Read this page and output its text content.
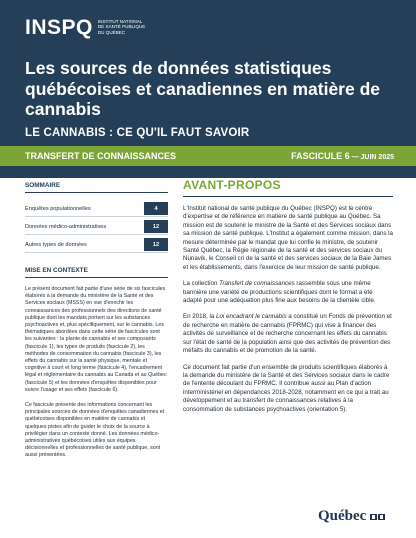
INSPQ INSTITUT NATIONAL
DE SANTÉ PUBLIQUE
DU QUÉBEC
Les sources de données statistiques québécoises et canadiennes en matière de cannabis
LE CANNABIS : CE QU'IL FAUT SAVOIR
TRANSFERT DE CONNAISSANCES	FASCICULE 6 — JUIN 2025
SOMMAIRE
Enquêtes populationnelles	4
Données médico-administratives	12
Autres types de données	12
MISE EN CONTEXTE

Le présent document fait partie d'une série de six fascicules élaborés à la demande du ministère de la Santé et des Services sociaux (MSSS) en vue d'enrichir les connaissances des professionnels des directions de santé publique dont les mandats portent sur les substances psychoactives et, plus spécifiquement, sur le cannabis. Les thématiques abordées dans cette série de fascicules sont les suivantes : la plante de cannabis et ses composants (fascicule 1), les types de produits (fascicule 2), les méthodes de consommation du cannabis (fascicule 3), les effets du cannabis sur la santé physique, mentale et cognitive à court et long terme (fascicule 4), l'encadrement légal et réglementaire du cannabis au Canada et au Québec (fascicule 5) et les données d'enquêtes disponibles pour suivre l'usage et ses effets (fascicule 6).

Ce fascicule présente des informations concernant les principales sources de données d'enquêtes canadiennes et québécoises disponibles en matière de cannabis et quelques pistes afin de guider le choix de la source à privilégier dans un contexte donné. Les données médico-administratives québécoises utiles aux équipes décisionnelles et professionnelles de santé publique, sont aussi présentées.

AVANT-PROPOS

L'Institut national de santé publique du Québec (INSPQ) est le centre d'expertise et de référence en matière de santé publique au Québec. Sa mission est de soutenir le ministre de la Santé et des Services sociaux dans sa mission de santé publique. L'Institut a également comme mission, dans la mesure déterminée par le mandat que lui confie le ministre, de soutenir Santé Québec, la Régie régionale de la santé et des services sociaux du Nunavik, le Conseil cri de la santé et des services sociaux de la Baie James et les établissements, dans l'exercice de leur mission de santé publique.

La collection Transfert de connaissances rassemble sous une même bannière une variété de productions scientifiques dont le format a été adapté pour une adéquation plus fine aux besoins de la clientèle cible.

En 2018, la Loi encadrant le cannabis a constitué un Fonds de prévention et de recherche en matière de cannabis (FPRMC) qui vise à financer des activités de surveillance et de recherche concernant les effets du cannabis sur l'état de santé de la population ainsi que des activités de prévention des méfaits du cannabis et de promotion de la santé.

Ce document fait partie d'un ensemble de produits scientifiques élaborés à la demande du ministère de la Santé et des Services sociaux dans le cadre de l'entente découlant du FPRMC. Il contribue aussi au Plan d'action interministériel en dépendances 2018-2028, notamment en ce qui a trait au développement et au transfert de connaissances relatives à la consommation de substances psychoactives (orientation 5).

Québec
